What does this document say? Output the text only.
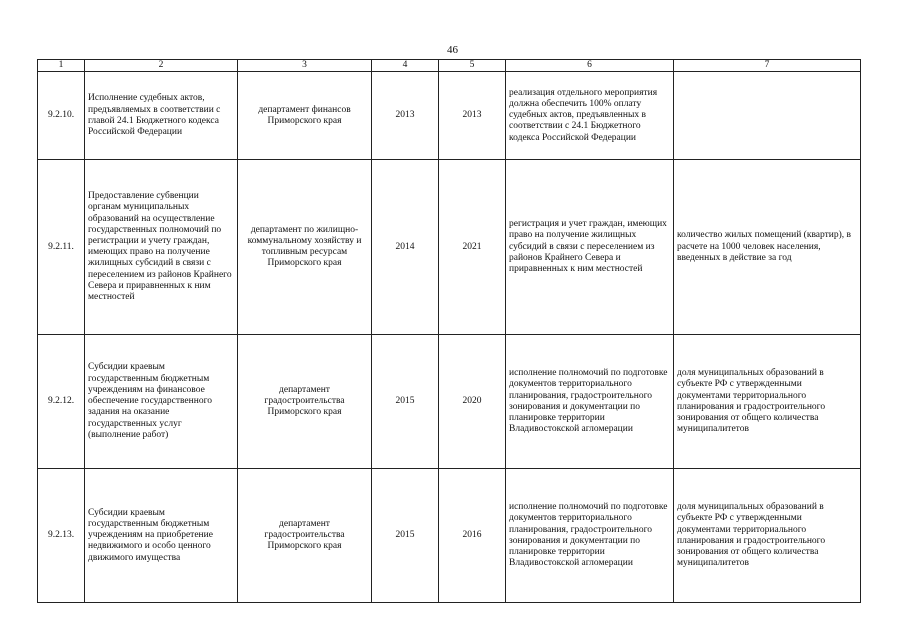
46
1	2	3	4	5	6	7
9.2.10.	Исполнение судебных актов, предъявляемых в соответствии с главой 24.1 Бюджетного кодекса Российской Федерации	департамент финансов Приморского края	2013	2013	реализация отдельного мероприятия должна обеспечить 100% оплату судебных актов, предъявленных в соответствии с 24.1 Бюджетного кодекса Российской Федерации	
9.2.11.	Предоставление субвенции органам муниципальных образований на осуществление государственных полномочий по регистрации и учету граждан, имеющих право на получение жилищных субсидий в связи с переселением из районов Крайнего Севера и приравненных к ним местностей	департамент по жилищно-коммунальному хозяйству и топливным ресурсам Приморского края	2014	2021	регистрация и учет граждан, имеющих право на получение жилищных субсидий в связи с переселением из районов Крайнего Севера и приравненных к ним местностей	количество жилых помещений (квартир), в расчете на 1000 человек населения, введенных в действие за год
9.2.12.	Субсидии краевым государственным бюджетным учреждениям на финансовое обеспечение государственного задания на оказание государственных услуг (выполнение работ)	департамент градостроительства Приморского края	2015	2020	исполнение полномочий по подготовке документов территориального планирования, градостроительного зонирования и документации по планировке территории Владивостокской агломерации	доля муниципальных образований в субъекте РФ с утвержденными документами территориального планирования и градостроительного зонирования от общего количества муниципалитетов
9.2.13.	Субсидии краевым государственным бюджетным учреждениям на приобретение недвижимого и особо ценного движимого имущества	департамент градостроительства Приморского края	2015	2016	исполнение полномочий по подготовке документов территориального планирования, градостроительного зонирования и документации по планировке территории Владивостокской агломерации	доля муниципальных образований в субъекте РФ с утвержденными документами территориального планирования и градостроительного зонирования от общего количества муниципалитетов
